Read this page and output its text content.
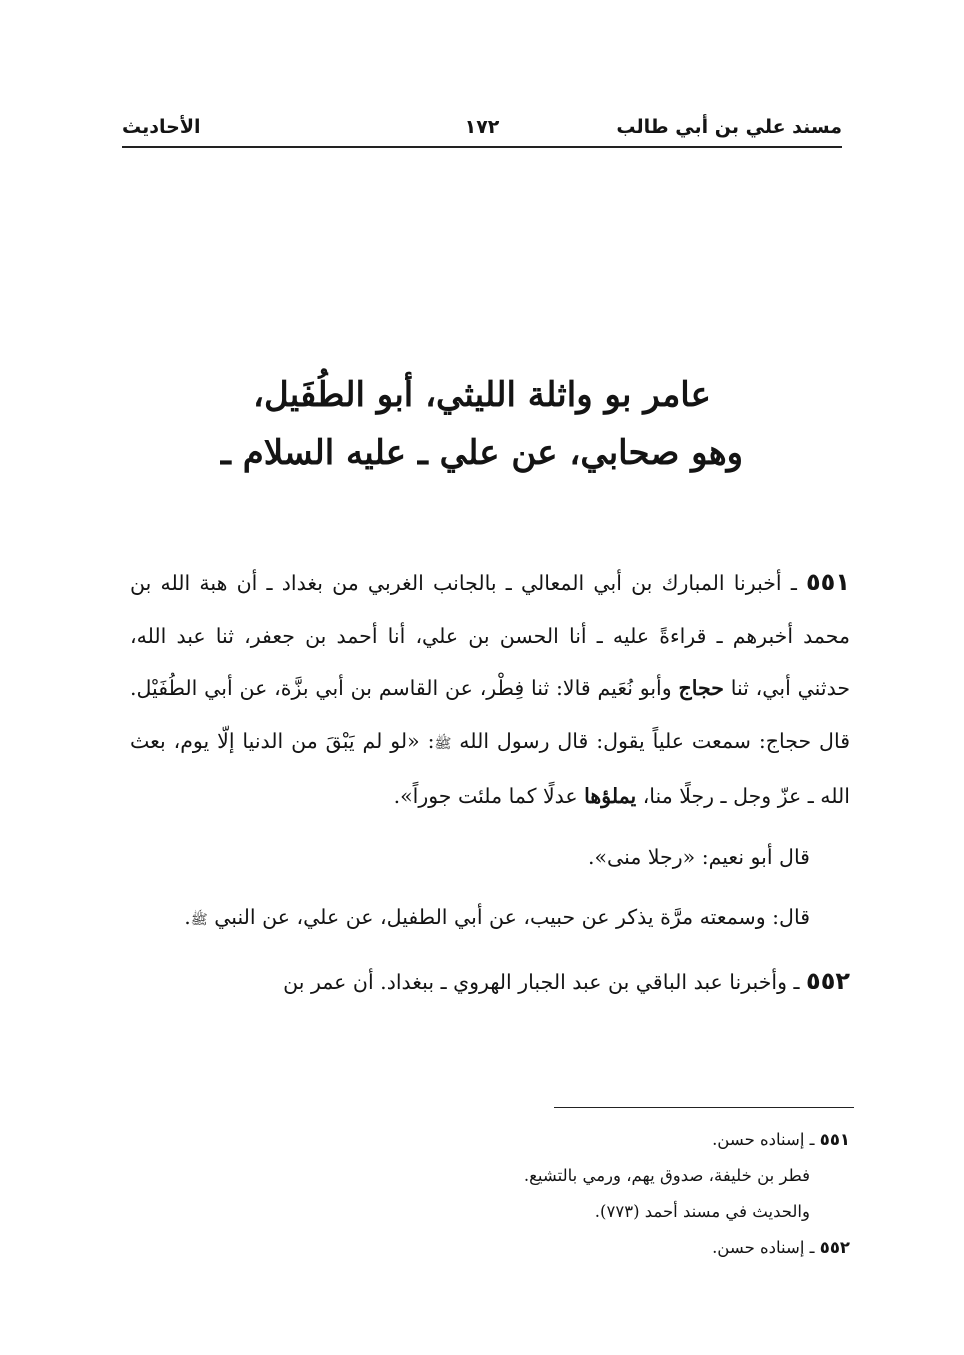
مسند علي بن أبي طالب
١٧٢
الأحاديث
عامر بو واثلة الليثي، أبو الطُفَيل،
وهو صحابي، عن علي ـ عليه السلام ـ

٥٥١ ـ أخبرنا المبارك بن أبي المعالي ـ بالجانب الغربي من بغداد ـ أن هبة الله بن محمد أخبرهم ـ قراءةً عليه ـ أنا الحسن بن علي، أنا أحمد بن جعفر، ثنا عبد الله، حدثني أبي، ثنا حجاج وأبو نُعَيم قالا: ثنا فِطْر، عن القاسم بن أبي بزَّة، عن أبي الطُفَيْل. قال حجاج: سمعت علياً يقول: قال رسول الله ﷺ: «لو لم يَبْقَ من الدنيا إلّا يوم، بعث الله ـ عزّ وجل ـ رجلًا منا، يملؤها عدلًا كما ملئت جوراً».

قال أبو نعيم: «رجلا منى».

قال: وسمعته مرَّة يذكر عن حبيب، عن أبي الطفيل، عن علي، عن النبي ﷺ.

٥٥٢ ـ وأخبرنا عبد الباقي بن عبد الجبار الهروي ـ ببغداد. أن عمر بن

٥٥١ ـ إسناده حسن.

فطر بن خليفة، صدوق يهم، ورمي بالتشيع.

والحديث في مسند أحمد (٧٧٣).

٥٥٢ ـ إسناده حسن.
